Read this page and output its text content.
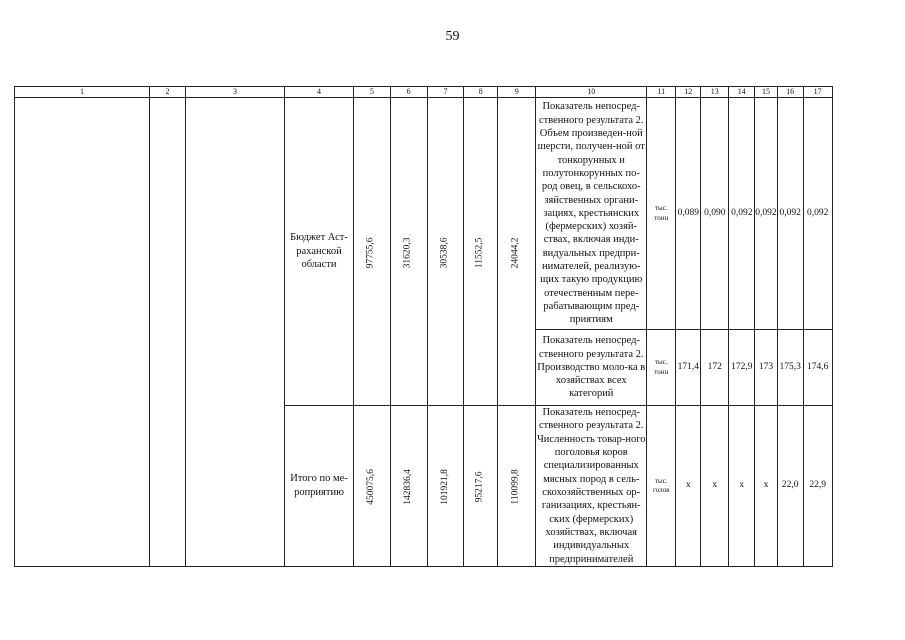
59
1	2	3	4	5	6	7	8	9	10	11	12	13	14	15	16	17
			Бюджет Аст-раханской области	97755,6	31620,3	30538,6	11552,5	24044,2	Показатель непосред-ственного результата 2. Объем произведен-ной шерсти, получен-ной от тонкорунных и полутонкорунных по-род овец, в сельскохо-зяйственных органи-зациях, крестьянских (фермерских) хозяй-ствах, включая инди-видуальных предпри-нимателей, реализую-щих такую продукцию отечественным пере-рабатывающим пред-приятиям	тыс. тонн	0,089	0,090	0,092	0,092	0,092	0,092
									Показатель непосред-ственного результата 2. Производство моло-ка в хозяйствах всех категорий	тыс. тонн	171,4	172	172,9	173	175,3	174,6
			Итого по ме-роприятию	450075,6	142836,4	101921,8	95217,6	110099,8	Показатель непосред-ственного результата 2. Численность товар-ного поголовья коров специализированных мясных пород в сель-скохозяйственных ор-ганизациях, крестьян-ских (фермерских) хозяйствах, включая индивидуальных предпринимателей	тыс. голов	x	x	x	x	22,0	22,9
